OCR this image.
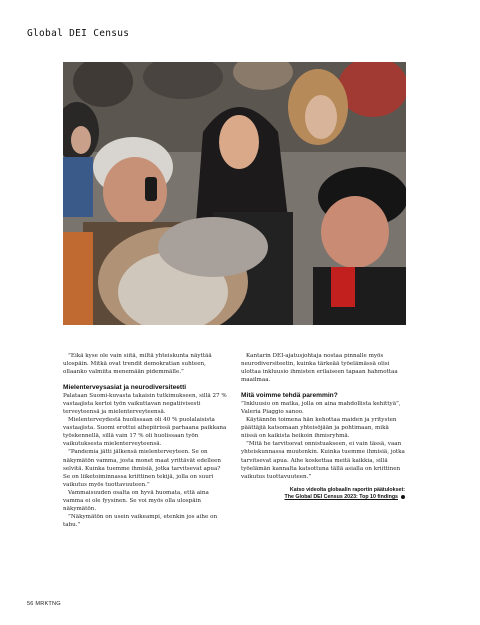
Global DEI Census

”Eikä kyse ole vain siitä, miltä yhteiskunta näyttää ulospäin. Mitkä ovat trendit demokratian suhteen, ollaanko valmiita menemään pidemmälle.”

Mielenterveysasiat ja neurodiversiteetti

Palataan Suomi-kuvasta takaisin tutkimukseen, sillä 27 % vastaajista kertoi työn vaikuttavan negatiivisesti terveyteensä ja mielenterveyteensä.

Mielenterveydestä huolissaan oli 40 % puolalaisista vastaajista. Suomi erottui aihepiirissä parhaana paikkana työskennellä, sillä vain 17 % oli huolissaan työn vaikutuksesta mielenterveyteensä.

”Pandemia jätti jälkensä mielenterveyteen. Se on näkymätön vamma, josta monet maat yrittävät edelleen selvitä. Kuinka tuemme ihmisiä, jotka tarvitsevat apua? Se on liiketoiminnassa kriittinen tekijä, jolla on suuri vaikutus myös tuottavuuteen.”

Vammaisuuden osalta on hyvä huomata, että aina vamma ei ole fyysinen. Se voi myös olla ulospäin näkymätön.

”Näkymätön on usein vaikeampi, etenkin jos aihe on tabu.”

Kantarin DEI-ajatusjohtaja nostaa pinnalle myös neurodiversiteetin, kuinka tärkeää työelämässä olisi ulottaa inkluusio ihmisten erilaiseen tapaan hahmottaa maailmaa.

Mitä voimme tehdä paremmin?

”Inkluusio on matka, jolla on aina mahdollista kehittyä”, Valeria Piaggio sanoo.

Käytännön toimena hän kehottaa maiden ja yritysten päättäjiä katsomaan yhteisöjään ja pohtimaan, mikä niissä on kaikista heikoin ihmisryhmä.

”Mitä he tarvitsevat onnistuakseen, ei vain tässä, vaan yhteiskunnassa muutenkin. Kuinka tuemme ihmisiä, jotka tarvitsevat apua. Aihe koskettaa meitä kaikkia, sillä työelämän kannalta katsottuna tällä asialla on kriittinen vaikutus tuottavuuteen.”

Katso videolta globaalin raportin päätulokset:
The Global DEI Census 2023: Top 10 findings
56 MRKTNG
